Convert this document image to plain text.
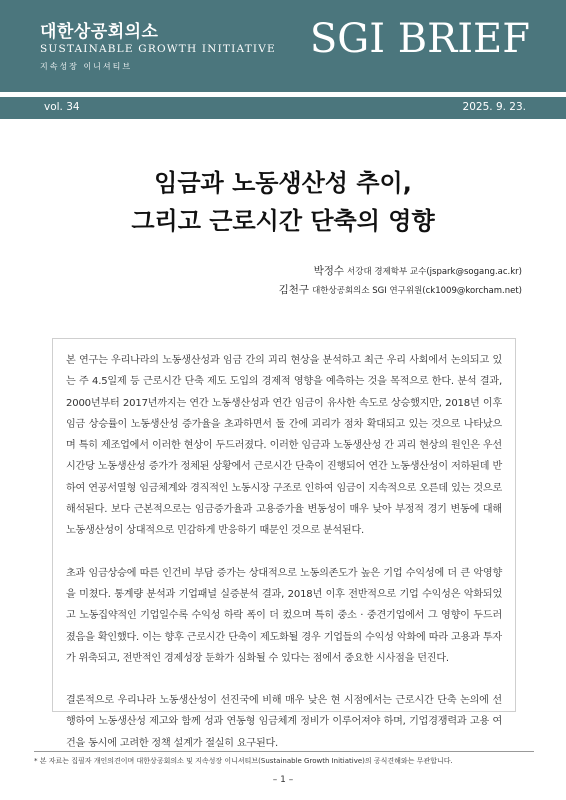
대한상공회의소
SUSTAINABLE GROWTH INITIATIVE
지속성장 이니셔티브
SGI BRIEF
vol. 34	2025. 9. 23.
임금과 노동생산성 추이,
그리고 근로시간 단축의 영향
박정수 서강대 경제학부 교수(jspark@sogang.ac.kr)
김천구 대한상공회의소 SGI 연구위원(ck1009@korcham.net)

본 연구는 우리나라의 노동생산성과 임금 간의 괴리 현상을 분석하고 최근 우리 사회에서 논의되고 있는 주 4.5일제 등 근로시간 단축 제도 도입의 경제적 영향을 예측하는 것을 목적으로 한다. 분석 결과, 2000년부터 2017년까지는 연간 노동생산성과 연간 임금이 유사한 속도로 상승했지만, 2018년 이후 임금 상승률이 노동생산성 증가율을 초과하면서 둘 간에 괴리가 점차 확대되고 있는 것으로 나타났으며 특히 제조업에서 이러한 현상이 두드러졌다. 이러한 임금과 노동생산성 간 괴리 현상의 원인은 우선 시간당 노동생산성 증가가 정체된 상황에서 근로시간 단축이 진행되어 연간 노동생산성이 저하된데 반하여 연공서열형 임금체계와 경직적인 노동시장 구조로 인하여 임금이 지속적으로 오른데 있는 것으로 해석된다. 보다 근본적으로는 임금증가율과 고용증가율 변동성이 매우 낮아 부정적 경기 변동에 대해 노동생산성이 상대적으로 민감하게 반응하기 때문인 것으로 분석된다.

초과 임금상승에 따른 인건비 부담 증가는 상대적으로 노동의존도가 높은 기업 수익성에 더 큰 악영향을 미쳤다. 통계량 분석과 기업패널 실증분석 결과, 2018년 이후 전반적으로 기업 수익성은 악화되었고 노동집약적인 기업일수록 수익성 하락 폭이 더 컸으며 특히 중소 · 중견기업에서 그 영향이 두드러졌음을 확인했다. 이는 향후 근로시간 단축이 제도화될 경우 기업들의 수익성 악화에 따라 고용과 투자가 위축되고, 전반적인 경제성장 둔화가 심화될 수 있다는 점에서 중요한 시사점을 던진다.

결론적으로 우리나라 노동생산성이 선진국에 비해 매우 낮은 현 시점에서는 근로시간 단축 논의에 선행하여 노동생산성 제고와 함께 성과 연동형 임금체계 정비가 이루어져야 하며, 기업경쟁력과 고용 여건을 동시에 고려한 정책 설계가 절실히 요구된다.

* 본 자료는 집필자 개인의견이며 대한상공회의소 및 지속성장 이니셔티브(Sustainable Growth Initiative)의 공식견해와는 무관합니다.
– 1 –
